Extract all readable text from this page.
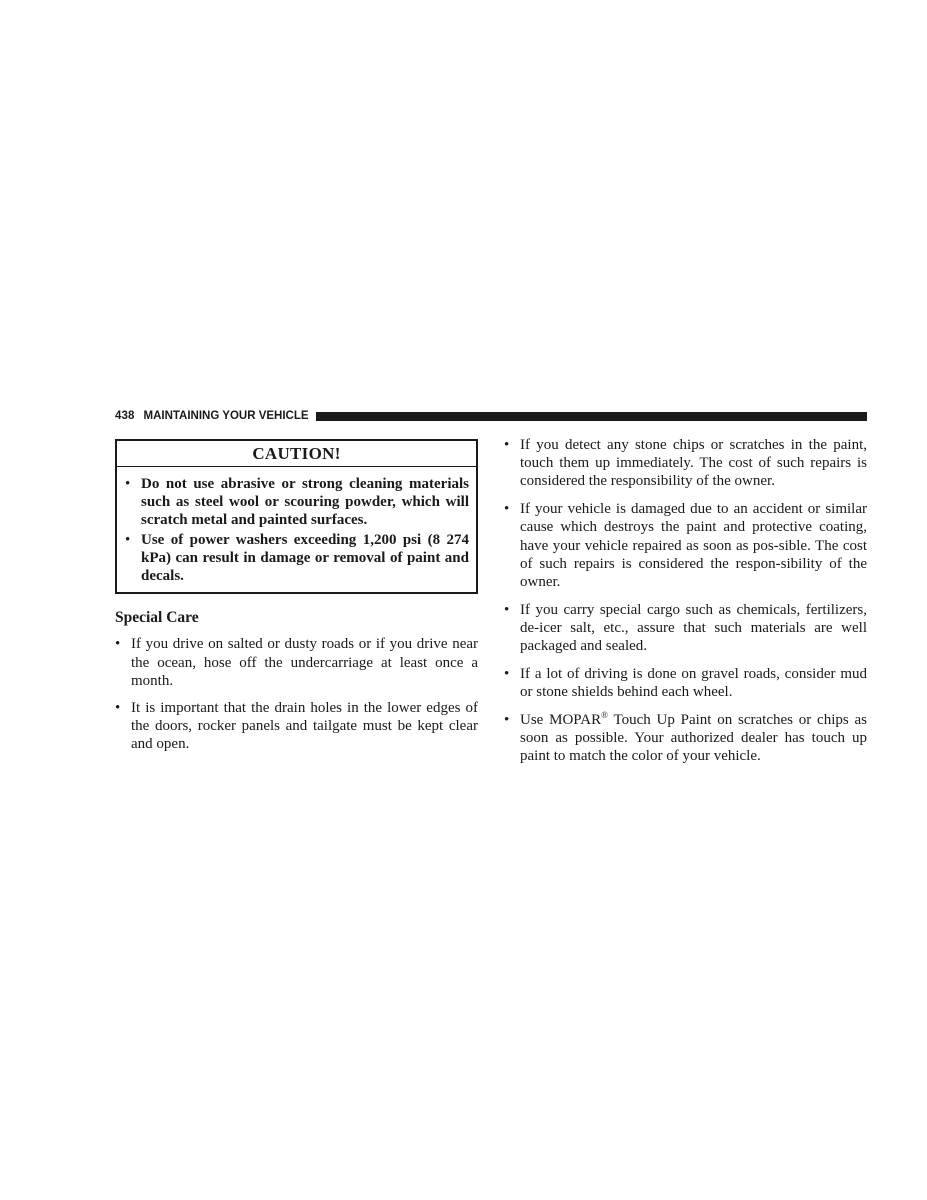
438 MAINTAINING YOUR VEHICLE
CAUTION!
• Do not use abrasive or strong cleaning materials such as steel wool or scouring powder, which will scratch metal and painted surfaces.
• Use of power washers exceeding 1,200 psi (8 274 kPa) can result in damage or removal of paint and decals.
Special Care
• If you drive on salted or dusty roads or if you drive near the ocean, hose off the undercarriage at least once a month.
• It is important that the drain holes in the lower edges of the doors, rocker panels and tailgate must be kept clear and open.
• If you detect any stone chips or scratches in the paint, touch them up immediately. The cost of such repairs is considered the responsibility of the owner.
• If your vehicle is damaged due to an accident or similar cause which destroys the paint and protective coating, have your vehicle repaired as soon as pos-sible. The cost of such repairs is considered the respon-sibility of the owner.
• If you carry special cargo such as chemicals, fertilizers, de-icer salt, etc., assure that such materials are well packaged and sealed.
• If a lot of driving is done on gravel roads, consider mud or stone shields behind each wheel.
• Use MOPAR® Touch Up Paint on scratches or chips as soon as possible. Your authorized dealer has touch up paint to match the color of your vehicle.
